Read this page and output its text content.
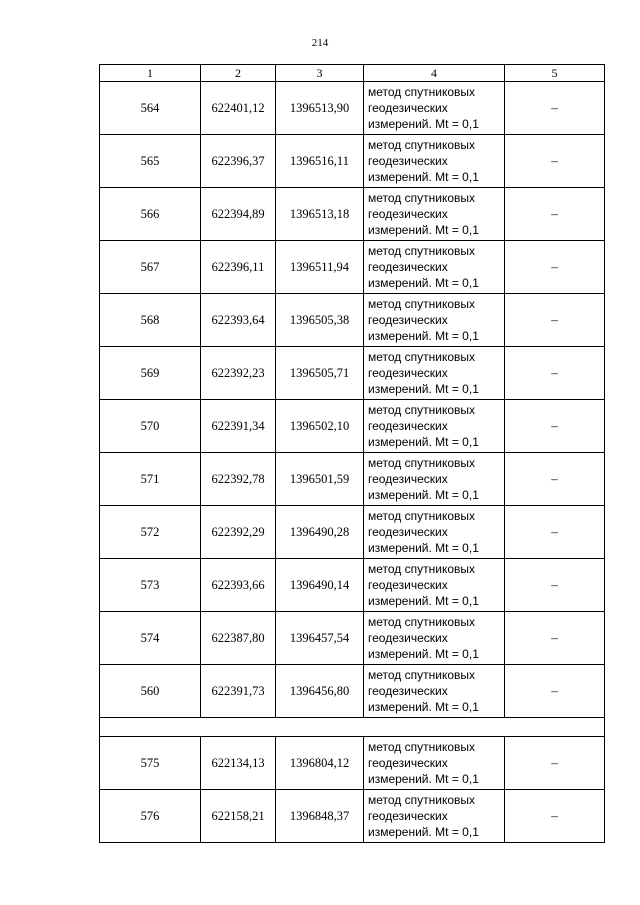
214
1	2	3	4	5
564	622401,12	1396513,90	метод спутниковых
геодезических
измерений. Mt = 0,1	–
565	622396,37	1396516,11	метод спутниковых
геодезических
измерений. Mt = 0,1	–
566	622394,89	1396513,18	метод спутниковых
геодезических
измерений. Mt = 0,1	–
567	622396,11	1396511,94	метод спутниковых
геодезических
измерений. Mt = 0,1	–
568	622393,64	1396505,38	метод спутниковых
геодезических
измерений. Mt = 0,1	–
569	622392,23	1396505,71	метод спутниковых
геодезических
измерений. Mt = 0,1	–
570	622391,34	1396502,10	метод спутниковых
геодезических
измерений. Mt = 0,1	–
571	622392,78	1396501,59	метод спутниковых
геодезических
измерений. Mt = 0,1	–
572	622392,29	1396490,28	метод спутниковых
геодезических
измерений. Mt = 0,1	–
573	622393,66	1396490,14	метод спутниковых
геодезических
измерений. Mt = 0,1	–
574	622387,80	1396457,54	метод спутниковых
геодезических
измерений. Mt = 0,1	–
560	622391,73	1396456,80	метод спутниковых
геодезических
измерений. Mt = 0,1	–

575	622134,13	1396804,12	метод спутниковых
геодезических
измерений. Mt = 0,1	–
576	622158,21	1396848,37	метод спутниковых
геодезических
измерений. Mt = 0,1	–
